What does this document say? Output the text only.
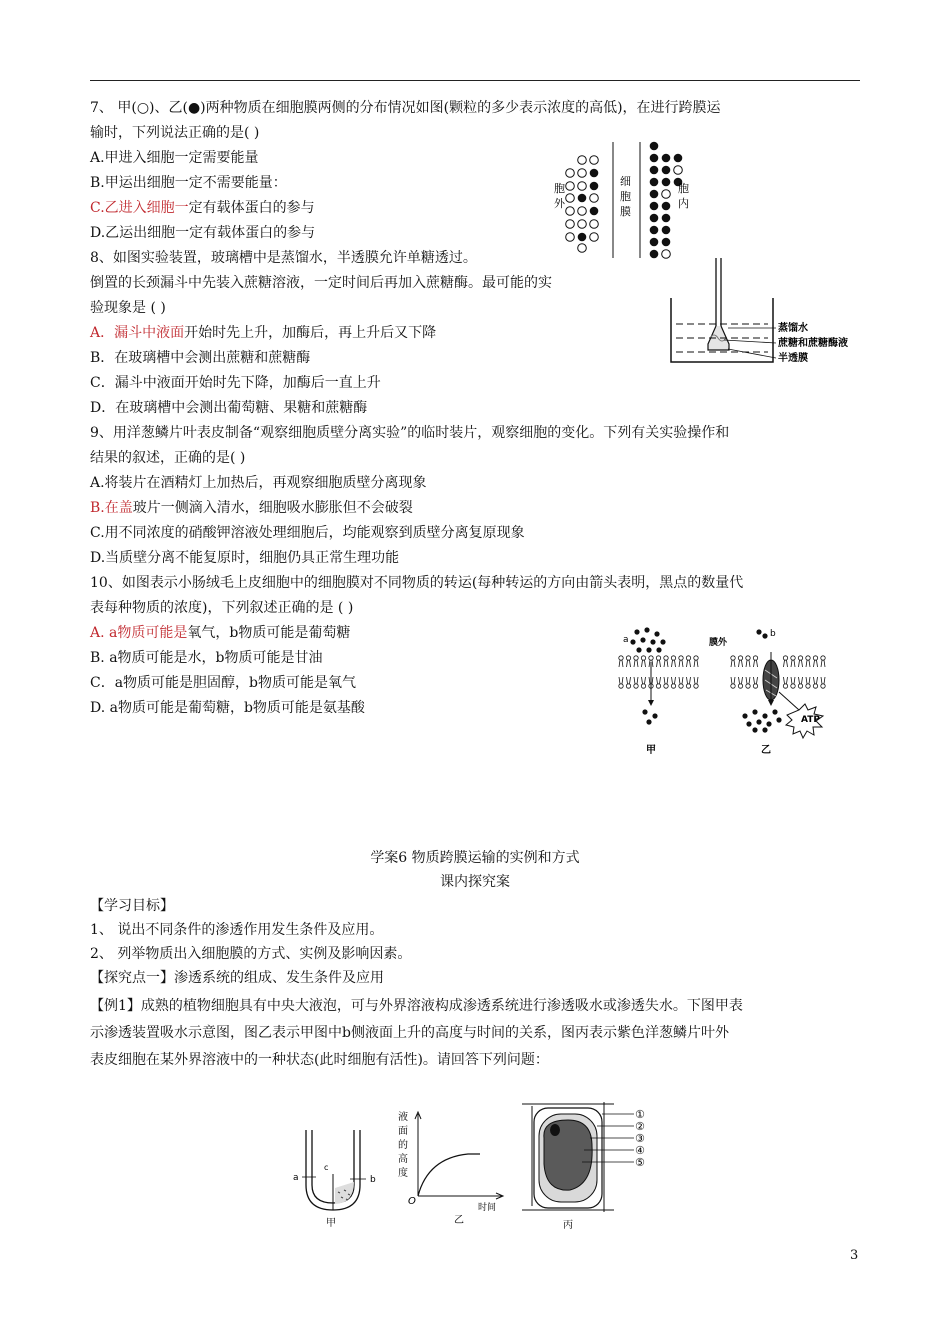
7、 甲(○)、乙(●)两种物质在细胞膜两侧的分布情况如图(颗粒的多少表示浓度的高低)，在进行跨膜运
输时，下列说法正确的是( )
A.甲进入细胞一定需要能量
B.甲运出细胞一定不需要能量：
C.乙进入细胞一定有载体蛋白的参与
D.乙运出细胞一定有载体蛋白的参与
胞
外
细
胞
膜
胞
内
8、如图实验装置，玻璃槽中是蒸馏水，半透膜允许单糖透过。
倒置的长颈漏斗中先装入蔗糖溶液，一定时间后再加入蔗糖酶。最可能的实
验现象是 ( )
A．漏斗中液面开始时先上升，加酶后，再上升后又下降
B．在玻璃槽中会测出蔗糖和蔗糖酶
C．漏斗中液面开始时先下降，加酶后一直上升
D．在玻璃槽中会测出葡萄糖、果糖和蔗糖酶
蒸馏水
蔗糖和蔗糖酶液
半透膜
9、用洋葱鳞片叶表皮制备“观察细胞质壁分离实验”的临时装片，观察细胞的变化。下列有关实验操作和
结果的叙述，正确的是( )
A.将装片在酒精灯上加热后，再观察细胞质壁分离现象
B.在盖玻片一侧滴入清水，细胞吸水膨胀但不会破裂
C.用不同浓度的硝酸钾溶液处理细胞后，均能观察到质壁分离复原现象
D.当质壁分离不能复原时，细胞仍具正常生理功能
10、如图表示小肠绒毛上皮细胞中的细胞膜对不同物质的转运(每种转运的方向由箭头表明，黑点的数量代
表每种物质的浓度)，下列叙述正确的是 ( )
A. a物质可能是氧气，b物质可能是葡萄糖
B. a物质可能是水，b物质可能是甘油
C．a物质可能是胆固醇，b物质可能是氧气
D. a物质可能是葡萄糖，b物质可能是氨基酸
a
b
膜外
ATP
甲	乙
学案6 物质跨膜运输的实例和方式
课内探究案
【学习目标】
1、 说出不同条件的渗透作用发生条件及应用。
2、 列举物质出入细胞膜的方式、实例及影响因素。
【探究点一】渗透系统的组成、发生条件及应用
【例1】成熟的植物细胞具有中央大液泡，可与外界溶液构成渗透系统进行渗透吸水或渗透失水。下图甲表
示渗透装置吸水示意图，图乙表示甲图中b侧液面上升的高度与时间的关系，图丙表示紫色洋葱鳞片叶外
表皮细胞在某外界溶液中的一种状态(此时细胞有活性)。请回答下列问题：
a	b
c
甲
液
面
的
高
度
O
时间
乙
①
②
③
④
⑤
丙
3
